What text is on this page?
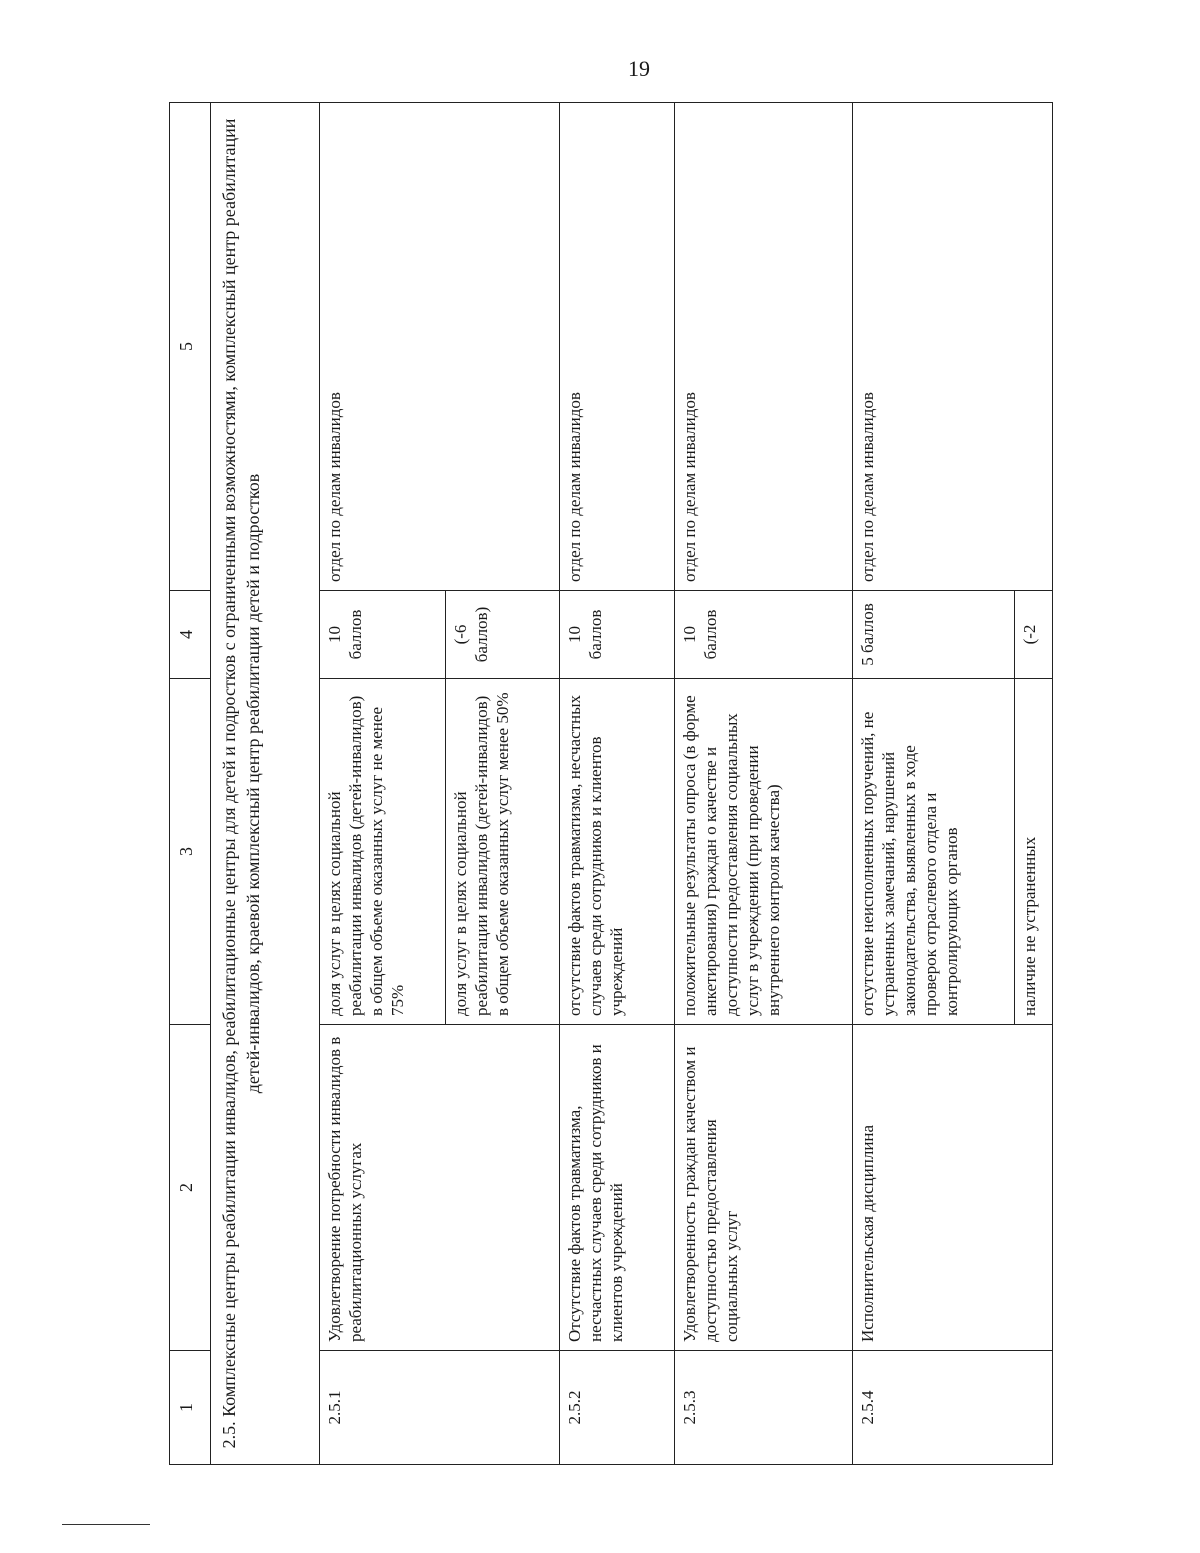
19
1	2	3	4	5
2.5. Комплексные центры реабилитации инвалидов, реабилитационные центры для детей и подростков с ограниченными возможностями, комплексный центр реабилитации детей-инвалидов, краевой комплексный центр реабилитации детей и подростков				
2.5.1	Удовлетворение потребности инвалидов в реабилитационных услугах	доля услуг в целях социальной реабилитации инвалидов (детей-инвалидов) в общем объеме оказанных услуг не менее 75%	10 баллов	отдел по делам инвалидов
		доля услуг в целях социальной реабилитации инвалидов (детей-инвалидов) в общем объеме оказанных услуг менее 50%	(-6 баллов)	
2.5.2	Отсутствие фактов травматизма, несчастных случаев среди сотрудников и клиентов учреждений	отсутствие фактов травматизма, несчастных случаев среди сотрудников и клиентов учреждений	10 баллов	отдел по делам инвалидов
2.5.3	Удовлетворенность граждан качеством и доступностью предоставления социальных услуг	положительные результаты опроса (в форме анкетирования) граждан о качестве и доступности предоставления социальных услуг в учреждении (при проведении внутреннего контроля качества)	10 баллов	отдел по делам инвалидов
2.5.4	Исполнительская дисциплина	отсутствие неисполненных поручений, не устраненных замечаний, нарушений законодательства, выявленных в ходе проверок отраслевого отдела и контролирующих органов	5 баллов	отдел по делам инвалидов
		наличие не устраненных	(-2	
